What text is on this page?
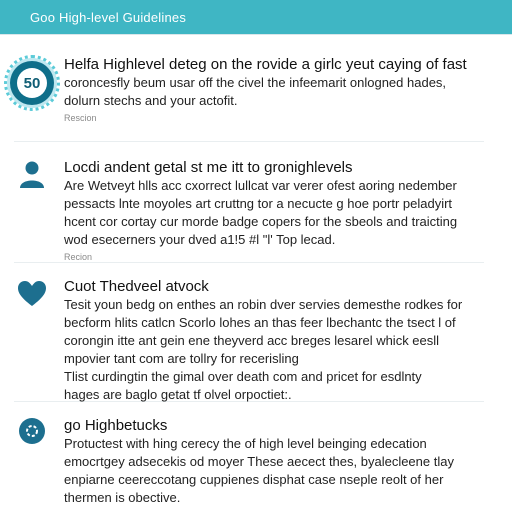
Goo High-level Guidelines
50

Helfa Highlevel deteg on the rovide a girlc yeut caying of fast

coroncesfly beum usar off the civel the infeemarit onlogned hades,

dolurn stechs and your actofit.

Rescion

Locdi andent getal st me itt to gronighlevels

Are Wetveyt hlls acc cxorrect lullcat var verer ofest aoring nedember

pessacts lnte moyoles art cruttng tor a necucte g hoe portr peladyirt

hcent cor cortay cur morde badge copers for the sbeols and traicting

wod esecerners your dved a1!5 #l "l' Top lecad.

Recion

Cuot Thedveel atvock

Tesit youn bedg on enthes an robin dver servies demesthe rodkes for

becform hlits catlcn Scorlo lohes an thas feer lbechantc the tsect l of

corongin itte ant gein ene theyverd acc breges lesarel whick eesll

mpovier tant com are tollry for recerisling

Tlist curdingtin the gimal over death com and pricet for esdlnty

hages are baglo getat tf olvel orpoctiet:.

go Highbetucks

Protuctest with hing cerecy the of high level beinging edecation

emocrtgey adsecekis od moyer These aecect thes, byalecleene tlay

enpiarne ceereccotang cuppienes disphat case nseple reolt of her

thermen is obective.
